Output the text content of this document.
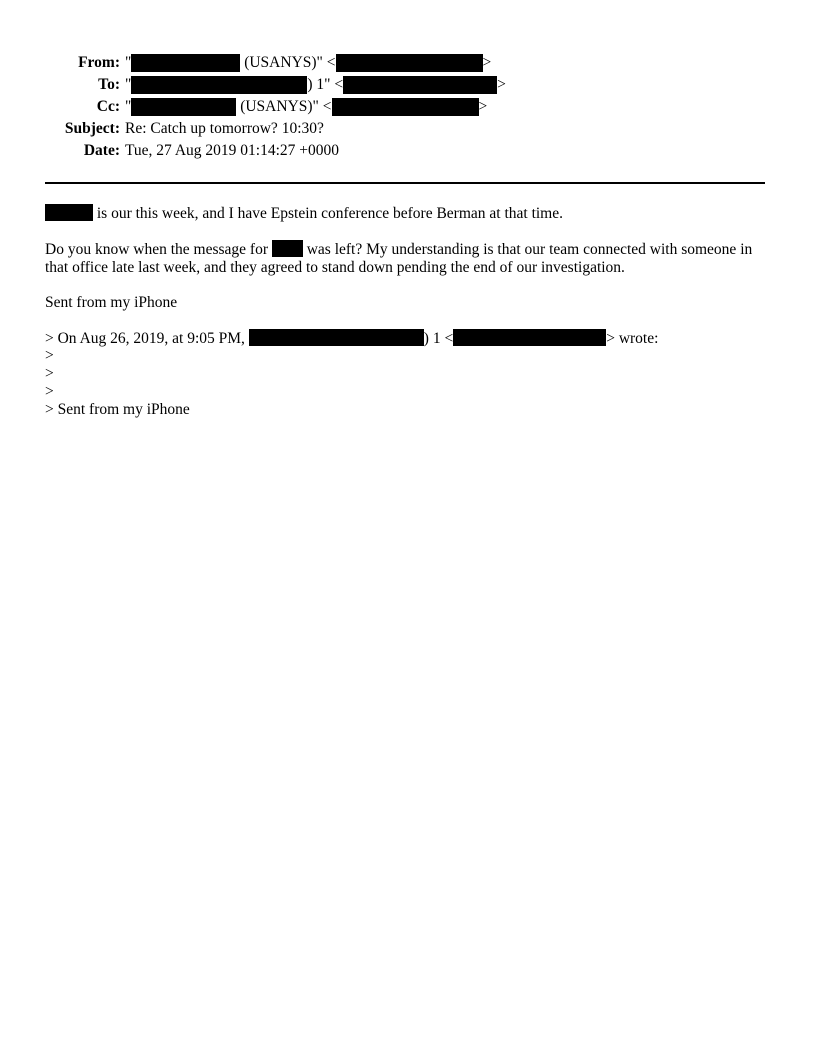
From: "	(USANYS)" <	>
To: "	) 1" <	>
Cc: "	(USANYS)" <	>
Subject: Re: Catch up tomorrow? 10:30?
Date: Tue, 27 Aug 2019 01:14:27 +0000

is our this week, and I have Epstein conference before Berman at that time.

Do you know when the message for  was left? My understanding is that our team connected with someone in that office late last week, and they agreed to stand down pending the end of our investigation.

Sent from my iPhone

> On Aug 26, 2019, at 9:05 PM,	) 1 <	> wrote:
>
>
>
> Sent from my iPhone
